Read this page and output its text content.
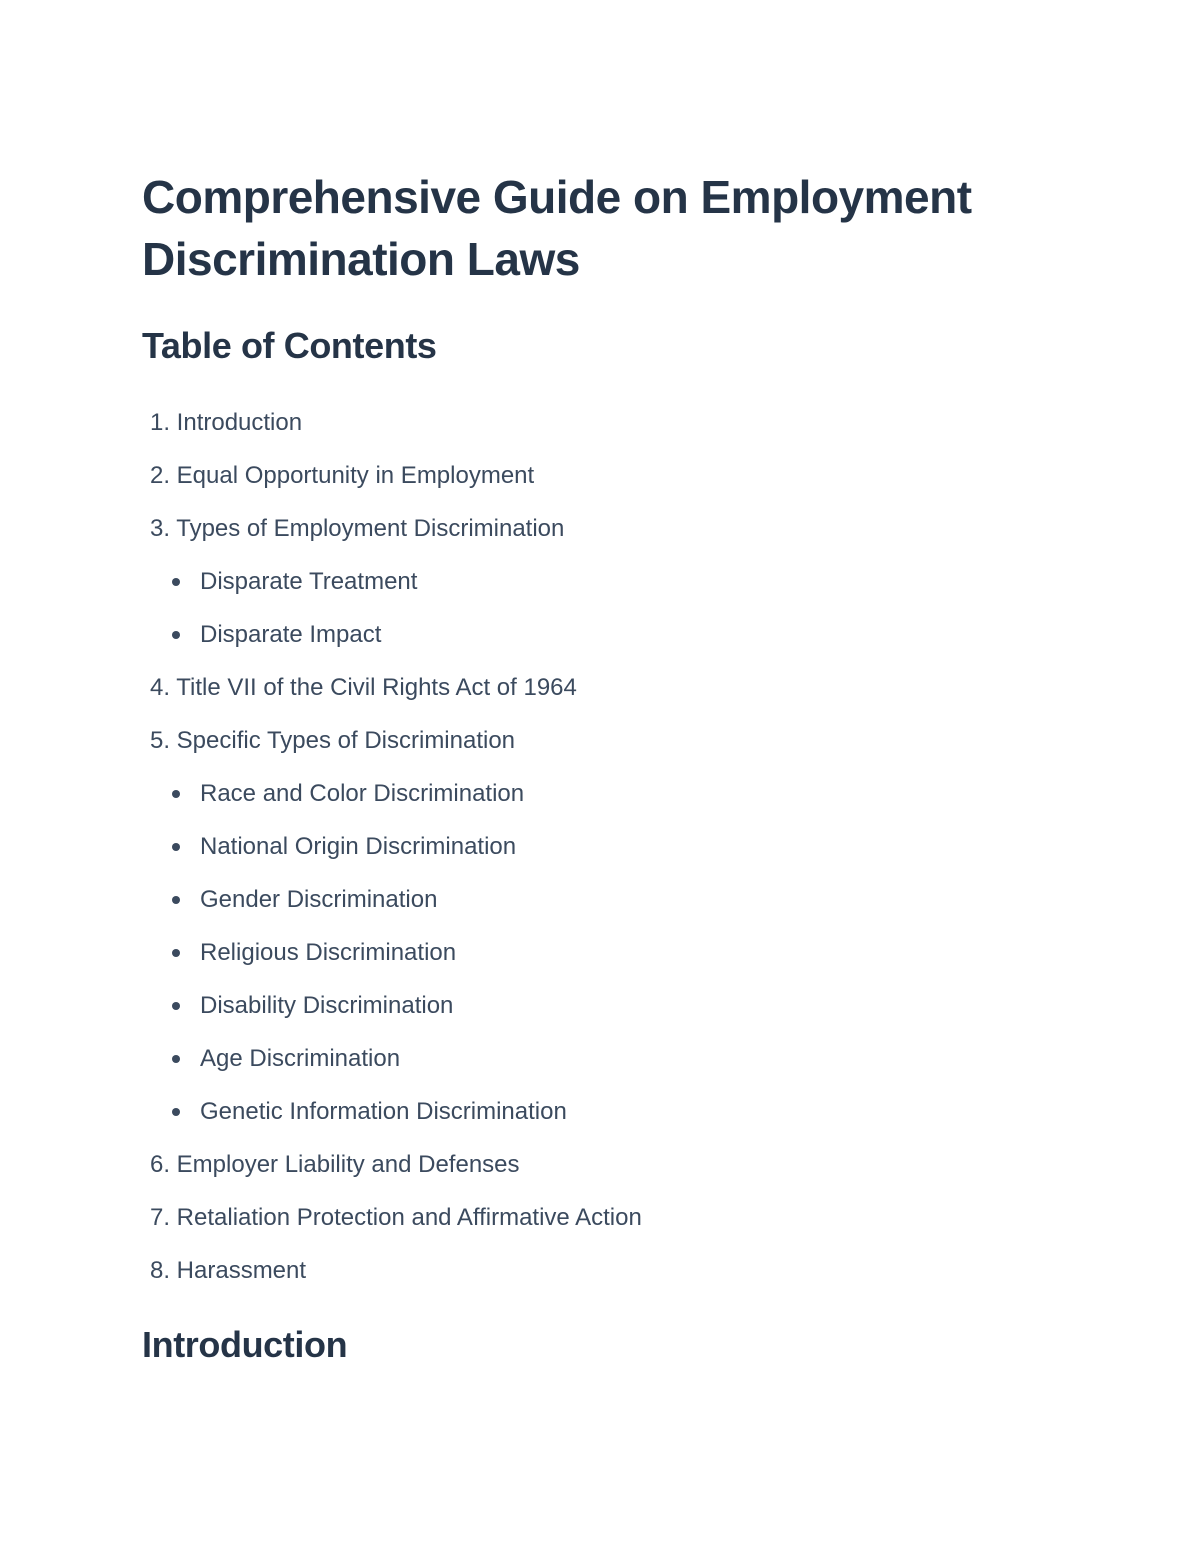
Comprehensive Guide on Employment Discrimination Laws
Table of Contents
1. Introduction
2. Equal Opportunity in Employment
3. Types of Employment Discrimination
Disparate Treatment
Disparate Impact
4. Title VII of the Civil Rights Act of 1964
5. Specific Types of Discrimination
Race and Color Discrimination
National Origin Discrimination
Gender Discrimination
Religious Discrimination
Disability Discrimination
Age Discrimination
Genetic Information Discrimination
6. Employer Liability and Defenses
7. Retaliation Protection and Affirmative Action
8. Harassment
Introduction
